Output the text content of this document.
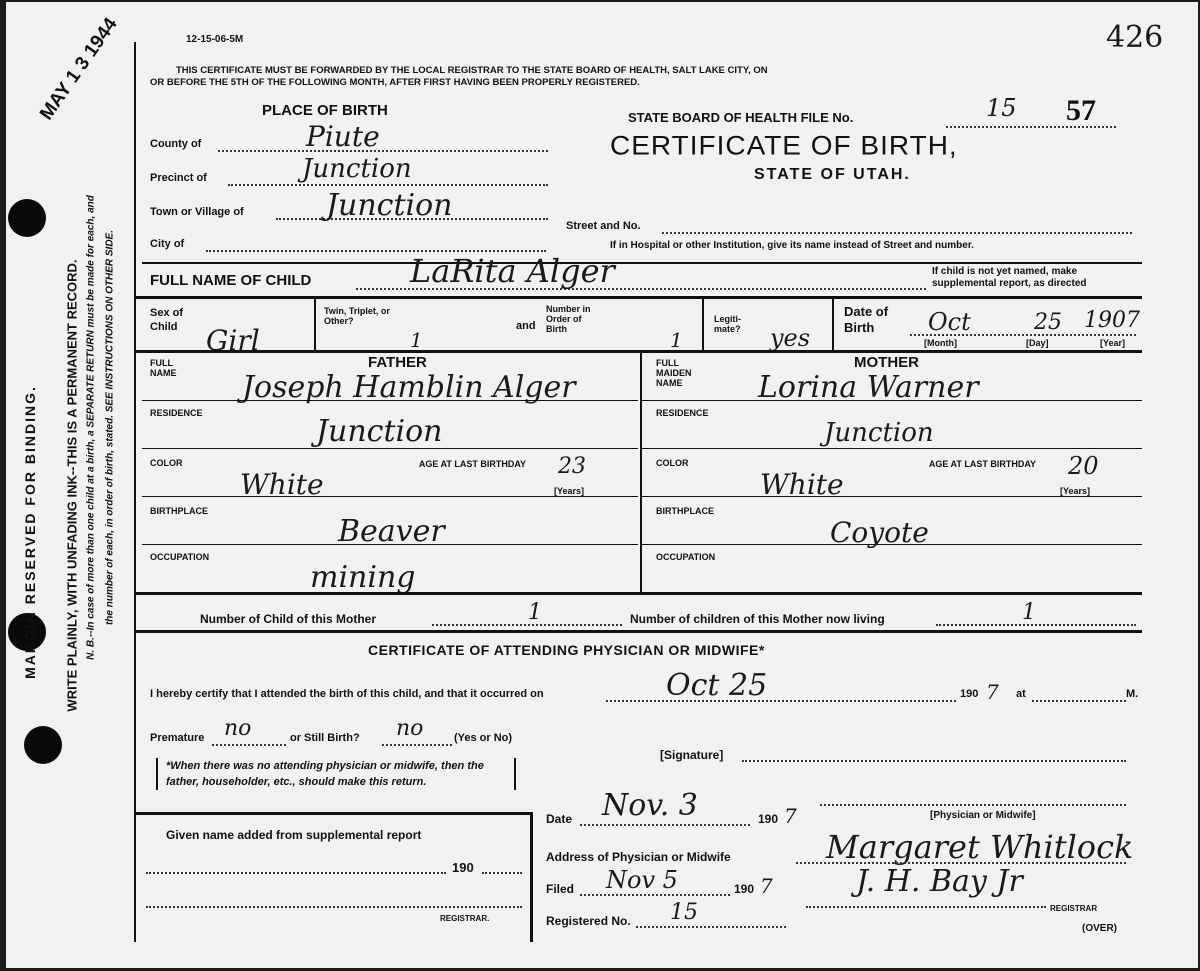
MAY 1 3 1944	426
MARGIN RESERVED FOR BINDING. WRITE PLAINLY, WITH UNFADING INK--THIS IS A PERMANENT RECORD. N. B.--In case of more than one child at a birth, a SEPARATE RETURN must be made for each, and the number of each, in order of birth, stated. SEE INSTRUCTIONS ON OTHER SIDE.
12-15-06-5M
THIS CERTIFICATE MUST BE FORWARDED BY THE LOCAL REGISTRAR TO THE STATE BOARD OF HEALTH, SALT LAKE CITY, ON
OR BEFORE THE 5TH OF THE FOLLOWING MONTH, AFTER FIRST HAVING BEEN PROPERLY REGISTERED.
PLACE OF BIRTH
County of	Piute
Precinct of	Junction
Town or Village of	Junction
City of
STATE BOARD OF HEALTH FILE No.	15 57
CERTIFICATE OF BIRTH,
STATE OF UTAH.
Street and No.
If in Hospital or other Institution, give its name instead of Street and number.
FULL NAME OF CHILD	LaRita Alger	If child is not yet named, make supplemental report, as directed
Sex of Child	Girl
Twin, Triplet, or Other?
1
and
Number in Order of Birth	1
Legiti-mate?	yes
Date of Birth	Oct	25 1907
[Month]	[Day]	[Year]
FULL NAME
FATHER
Joseph Hamblin Alger
RESIDENCE
Junction
COLOR
White
AGE AT LAST BIRTHDAY 23
[Years]
BIRTHPLACE
Beaver
OCCUPATION
mining
FULL MAIDEN NAME
MOTHER
Lorina Warner
RESIDENCE
Junction
COLOR
White
AGE AT LAST BIRTHDAY 20
[Years]
BIRTHPLACE
Coyote
OCCUPATION
Number of Child of this Mother	1	Number of children of this Mother now living	1
CERTIFICATE OF ATTENDING PHYSICIAN OR MIDWIFE*
I hereby certify that I attended the birth of this child, and that it occurred on	Oct 25	190 7 at	M.
Premature no	or Still Birth? no	(Yes or No)
*When there was no attending physician or midwife, then the father, householder, etc., should make this return.
[Signature]
[Physician or Midwife]
Margaret Whitlock
Given name added from supplemental report
190
REGISTRAR.
Date Nov. 3	190 7
Address of Physician or Midwife
Filed Nov 5	190 7	J. H. Bay Jr
REGISTRAR
Registered No. 15
(OVER)
